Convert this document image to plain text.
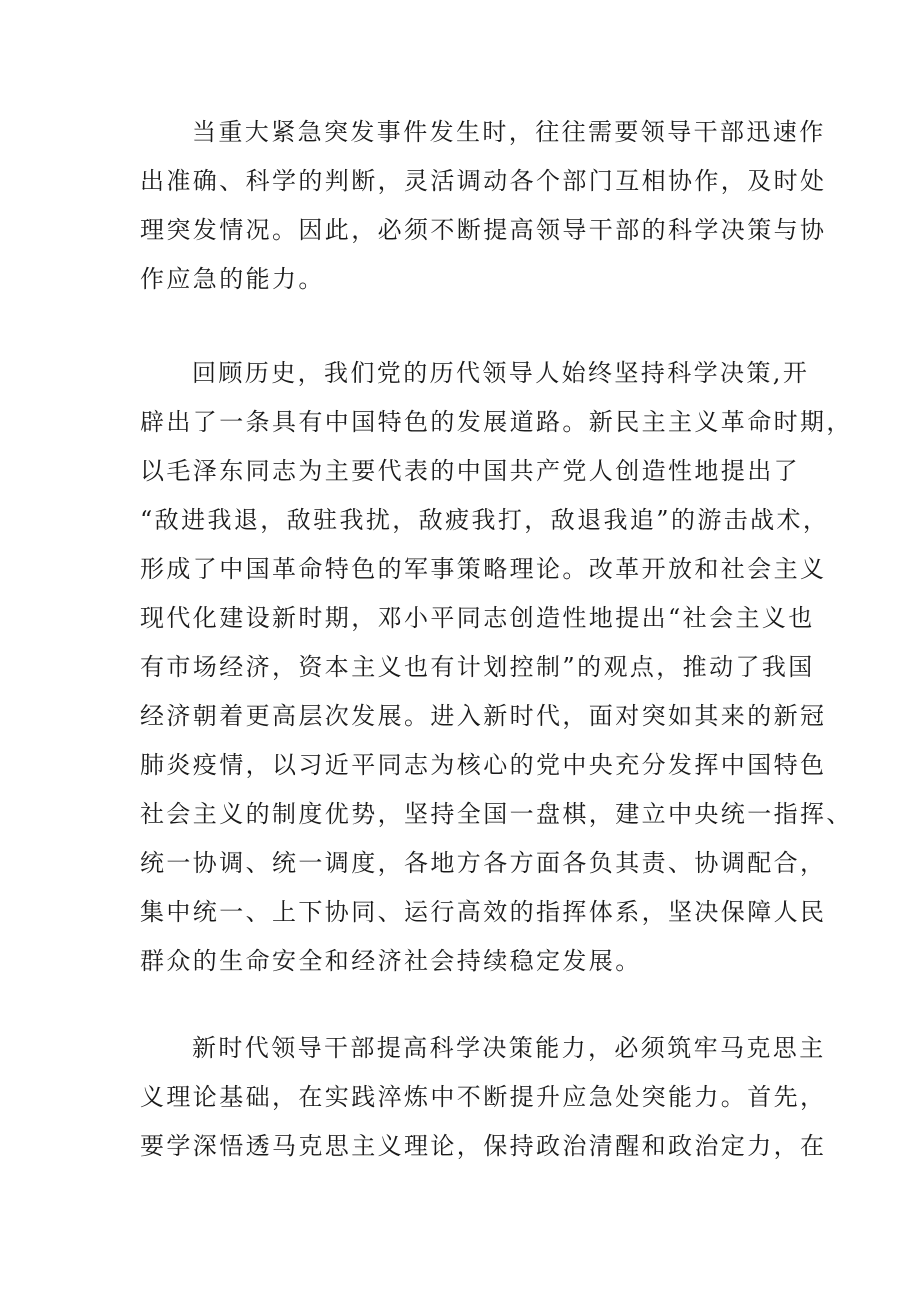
当重大紧急突发事件发生时，往往需要领导干部迅速作
出准确、科学的判断，灵活调动各个部门互相协作，及时处
理突发情况。因此，必须不断提高领导干部的科学决策与协
作应急的能力。
回顾历史，我们党的历代领导人始终坚持科学决策,开
辟出了一条具有中国特色的发展道路。新民主主义革命时期，
以毛泽东同志为主要代表的中国共产党人创造性地提出了
“敌进我退，敌驻我扰，敌疲我打，敌退我追”的游击战术，
形成了中国革命特色的军事策略理论。改革开放和社会主义
现代化建设新时期，邓小平同志创造性地提出“社会主义也
有市场经济，资本主义也有计划控制”的观点，推动了我国
经济朝着更高层次发展。进入新时代，面对突如其来的新冠
肺炎疫情，以习近平同志为核心的党中央充分发挥中国特色
社会主义的制度优势，坚持全国一盘棋，建立中央统一指挥、
统一协调、统一调度，各地方各方面各负其责、协调配合，
集中统一、上下协同、运行高效的指挥体系，坚决保障人民
群众的生命安全和经济社会持续稳定发展。
新时代领导干部提高科学决策能力，必须筑牢马克思主
义理论基础，在实践淬炼中不断提升应急处突能力。首先，
要学深悟透马克思主义理论，保持政治清醒和政治定力，在
